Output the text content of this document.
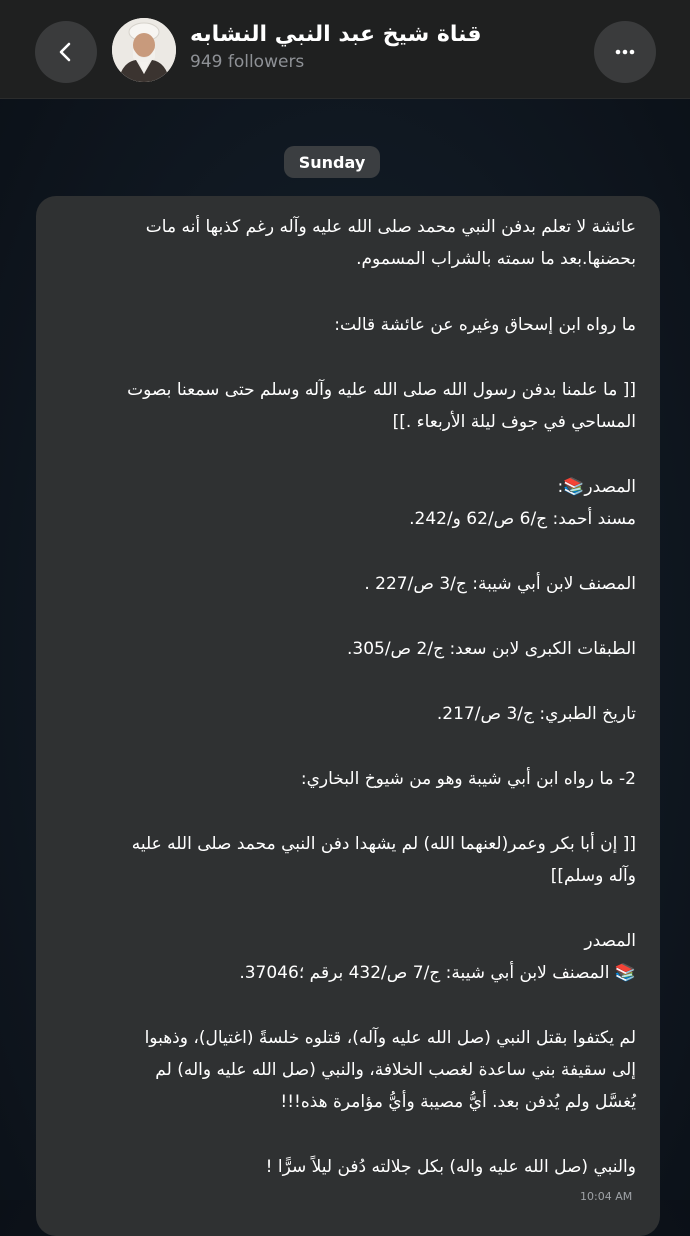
قناة شيخ عبد النبي النشابه
949 followers
Sunday
عائشة لا تعلم بدفن النبي محمد صلى الله عليه وآله رغم كذبها أنه مات
بحضنها.بعد ما سمته بالشراب المسموم.
ما رواه ابن إسحاق وغيره عن عائشة قالت:
[[ ما علمنا بدفن رسول الله صلى الله عليه وآله وسلم حتى سمعنا بصوت
المساحي في جوف ليلة الأربعاء .]]
المصدر📚:
مسند أحمد: ج/6 ص/62 و/242.
المصنف لابن أبي شيبة: ج/3 ص/227 .
الطبقات الكبرى لابن سعد: ج/2 ص/305.
تاريخ الطبري: ج/3 ص/217.
2- ما رواه ابن أبي شيبة وهو من شيوخ البخاري:
[[ إن أبا بكر وعمر(لعنهما الله) لم يشهدا دفن النبي محمد صلى الله عليه
وآله وسلم]]
المصدر
📚 المصنف لابن أبي شيبة: ج/7 ص/432 برقم ؛37046.
لم يكتفوا بقتل النبي (صل الله عليه وآله)، قتلوه خلسةً (اغتيال)، وذهبوا
إلى سقيفة بني ساعدة لغصب الخلافة، والنبي (صل الله عليه واله) لم
يُغسَّل ولم يُدفن بعد. أيُّ مصيبة وأيُّ مؤامرة هذه!!!
والنبي (صل الله عليه واله) بكل جلالته دُفن ليلاً سرًّا !
10:04 AM
